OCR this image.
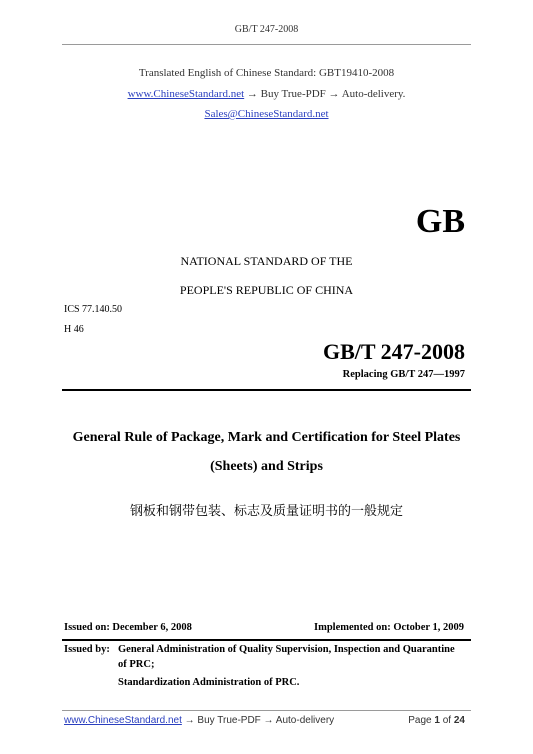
GB/T 247-2008
Translated English of Chinese Standard: GBT19410-2008
www.ChineseStandard.net → Buy True-PDF → Auto-delivery.
Sales@ChineseStandard.net
GB
NATIONAL STANDARD OF THE
PEOPLE'S REPUBLIC OF CHINA
ICS 77.140.50
H 46
GB/T 247-2008
Replacing GB/T 247—1997
General Rule of Package, Mark and Certification for Steel Plates
(Sheets) and Strips
钢板和钢带包装、标志及质量证明书的一般规定
Issued on: December 6, 2008	Implemented on: October 1, 2009
Issued by: General Administration of Quality Supervision, Inspection and Quarantine
of PRC;
Standardization Administration of PRC.
www.ChineseStandard.net → Buy True-PDF → Auto-delivery	Page 1 of 24
